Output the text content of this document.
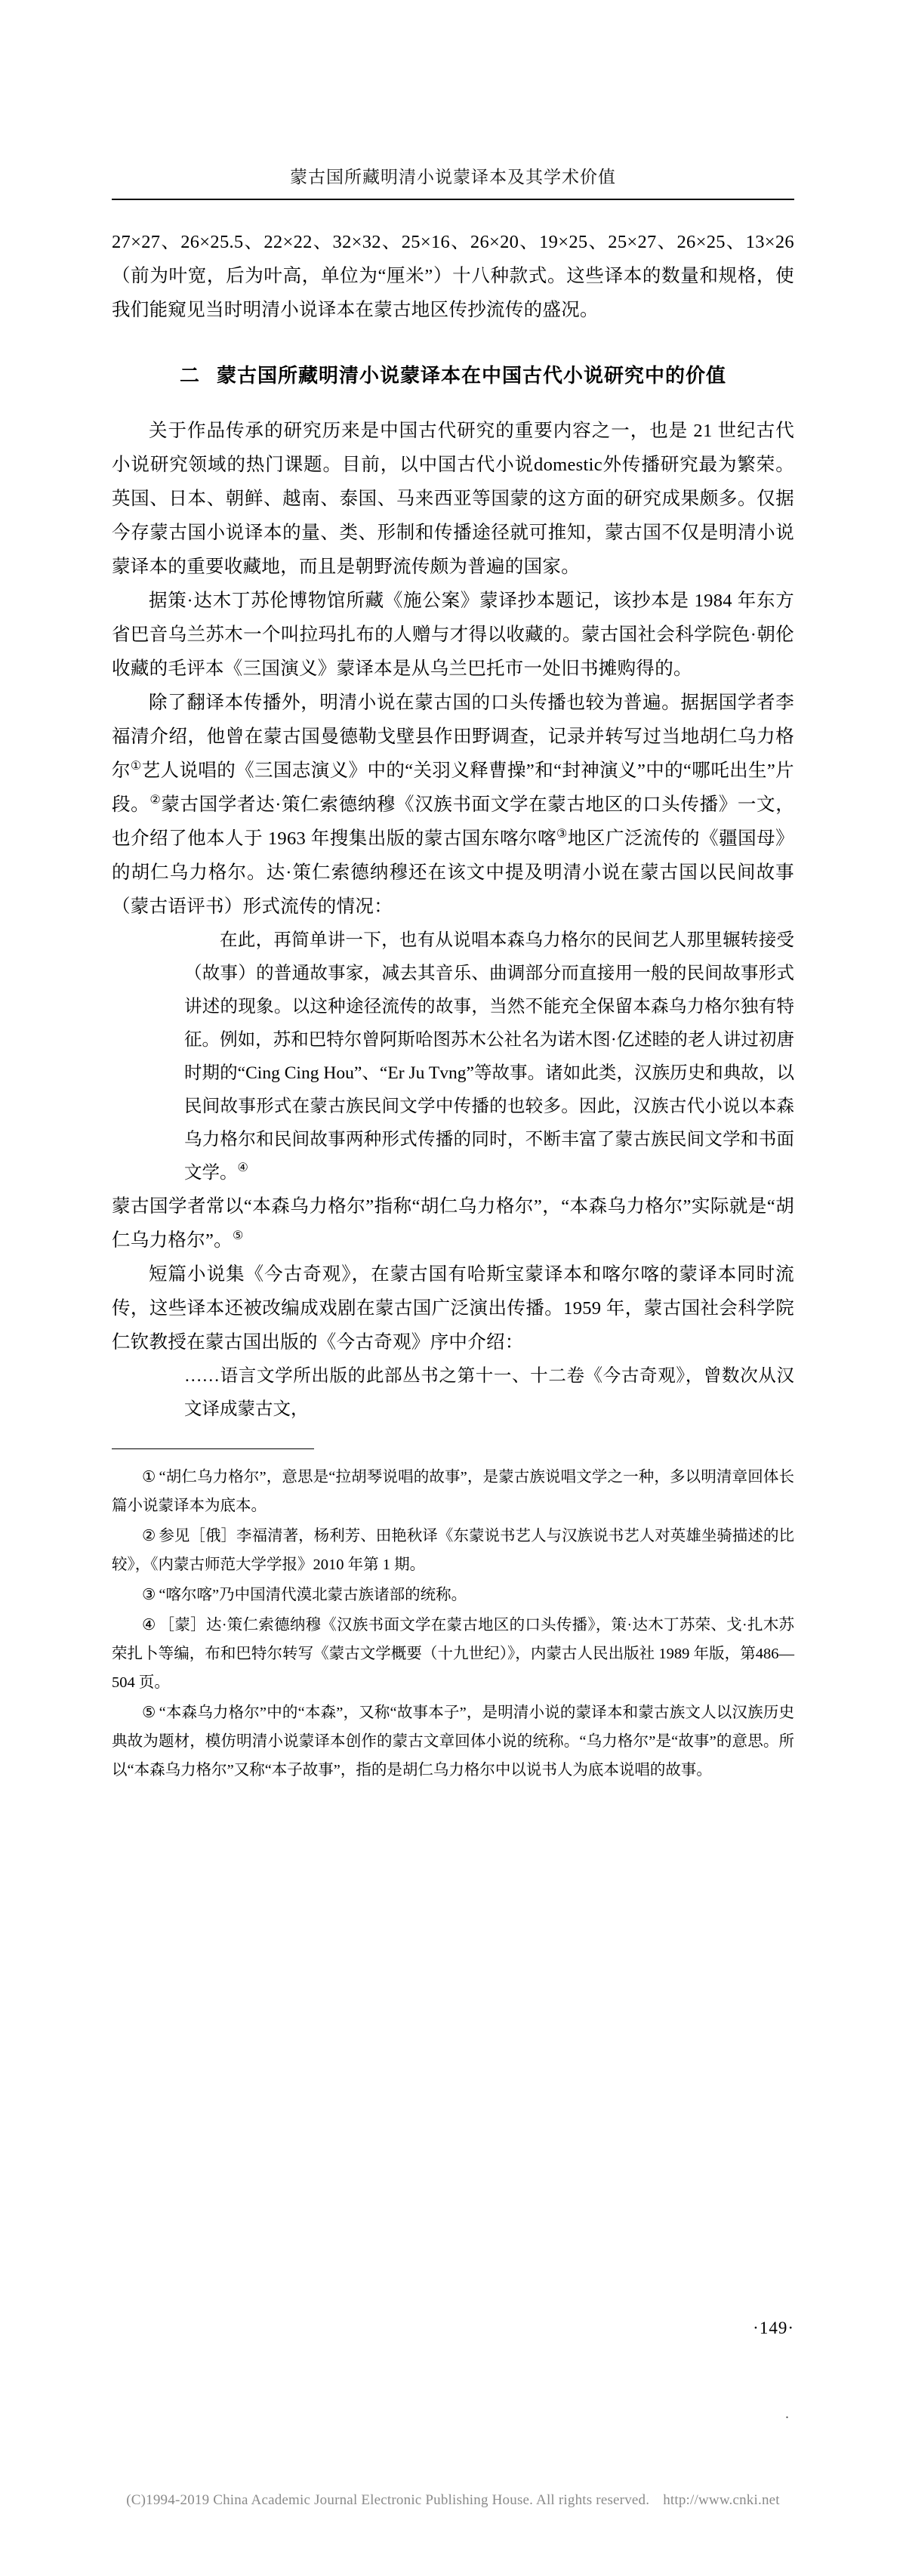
蒙古国所藏明清小说蒙译本及其学术价值

27×27、26×25.5、22×22、32×32、25×16、26×20、19×25、25×27、26×25、13×26（前为叶宽，后为叶高，单位为“厘米”）十八种款式。这些译本的数量和规格，使我们能窥见当时明清小说译本在蒙古地区传抄流传的盛况。

二 蒙古国所藏明清小说蒙译本在中国古代小说研究中的价值

关于作品传承的研究历来是中国古代研究的重要内容之一，也是 21 世纪古代小说研究领域的热门课题。目前，以中国古代小说domestic外传播研究最为繁荣。英国、日本、朝鲜、越南、泰国、马来西亚等国蒙的这方面的研究成果颇多。仅据今存蒙古国小说译本的量、类、形制和传播途径就可推知，蒙古国不仅是明清小说蒙译本的重要收藏地，而且是朝野流传颇为普遍的国家。

据策·达木丁苏伦博物馆所藏《施公案》蒙译抄本题记，该抄本是 1984 年东方省巴音乌兰苏木一个叫拉玛扎布的人赠与才得以收藏的。蒙古国社会科学院色·朝伦收藏的毛评本《三国演义》蒙译本是从乌兰巴托市一处旧书摊购得的。

除了翻译本传播外，明清小说在蒙古国的口头传播也较为普遍。据据国学者李福清介绍，他曾在蒙古国曼德勒戈壁县作田野调查，记录并转写过当地胡仁乌力格尔①艺人说唱的《三国志演义》中的“关羽义释曹操”和“封神演义”中的“哪吒出生”片段。②蒙古国学者达·策仁索德纳穆《汉族书面文学在蒙古地区的口头传播》一文，也介绍了他本人于 1963 年搜集出版的蒙古国东喀尔喀③地区广泛流传的《疆国母》的胡仁乌力格尔。达·策仁索德纳穆还在该文中提及明清小说在蒙古国以民间故事（蒙古语评书）形式流传的情况：

在此，再简单讲一下，也有从说唱本森乌力格尔的民间艺人那里辗转接受（故事）的普通故事家，减去其音乐、曲调部分而直接用一般的民间故事形式讲述的现象。以这种途径流传的故事，当然不能充全保留本森乌力格尔独有特征。例如，苏和巴特尔曾阿斯哈图苏木公社名为诺木图·亿述睦的老人讲过初唐时期的“Cing Cing Hou”、“Er Ju Tvng”等故事。诸如此类，汉族历史和典故，以民间故事形式在蒙古族民间文学中传播的也较多。因此，汉族古代小说以本森乌力格尔和民间故事两种形式传播的同时，不断丰富了蒙古族民间文学和书面文学。④

蒙古国学者常以“本森乌力格尔”指称“胡仁乌力格尔”，“本森乌力格尔”实际就是“胡仁乌力格尔”。⑤

短篇小说集《今古奇观》，在蒙古国有哈斯宝蒙译本和喀尔喀的蒙译本同时流传，这些译本还被改编成戏剧在蒙古国广泛演出传播。1959 年，蒙古国社会科学院仁钦教授在蒙古国出版的《今古奇观》序中介绍：

……语言文学所出版的此部丛书之第十一、十二卷《今古奇观》，曾数次从汉文译成蒙古文，

① “胡仁乌力格尔”，意思是“拉胡琴说唱的故事”，是蒙古族说唱文学之一种，多以明清章回体长篇小说蒙译本为底本。

② 参见［俄］李福清著，杨利芳、田艳秋译《东蒙说书艺人与汉族说书艺人对英雄坐骑描述的比较》，《内蒙古师范大学学报》2010 年第 1 期。

③ “喀尔喀”乃中国清代漠北蒙古族诸部的统称。

④ ［蒙］达·策仁索德纳穆《汉族书面文学在蒙古地区的口头传播》，策·达木丁苏荣、戈·扎木苏荣扎卜等编，布和巴特尔转写《蒙古文学概要（十九世纪）》，内蒙古人民出版社 1989 年版，第486—504 页。

⑤ “本森乌力格尔”中的“本森”，又称“故事本子”，是明清小说的蒙译本和蒙古族文人以汉族历史典故为题材，模仿明清小说蒙译本创作的蒙古文章回体小说的统称。“乌力格尔”是“故事”的意思。所以“本森乌力格尔”又称“本子故事”，指的是胡仁乌力格尔中以说书人为底本说唱的故事。

·149·
.
(C)1994-2019 China Academic Journal Electronic Publishing House. All rights reserved. http://www.cnki.net
